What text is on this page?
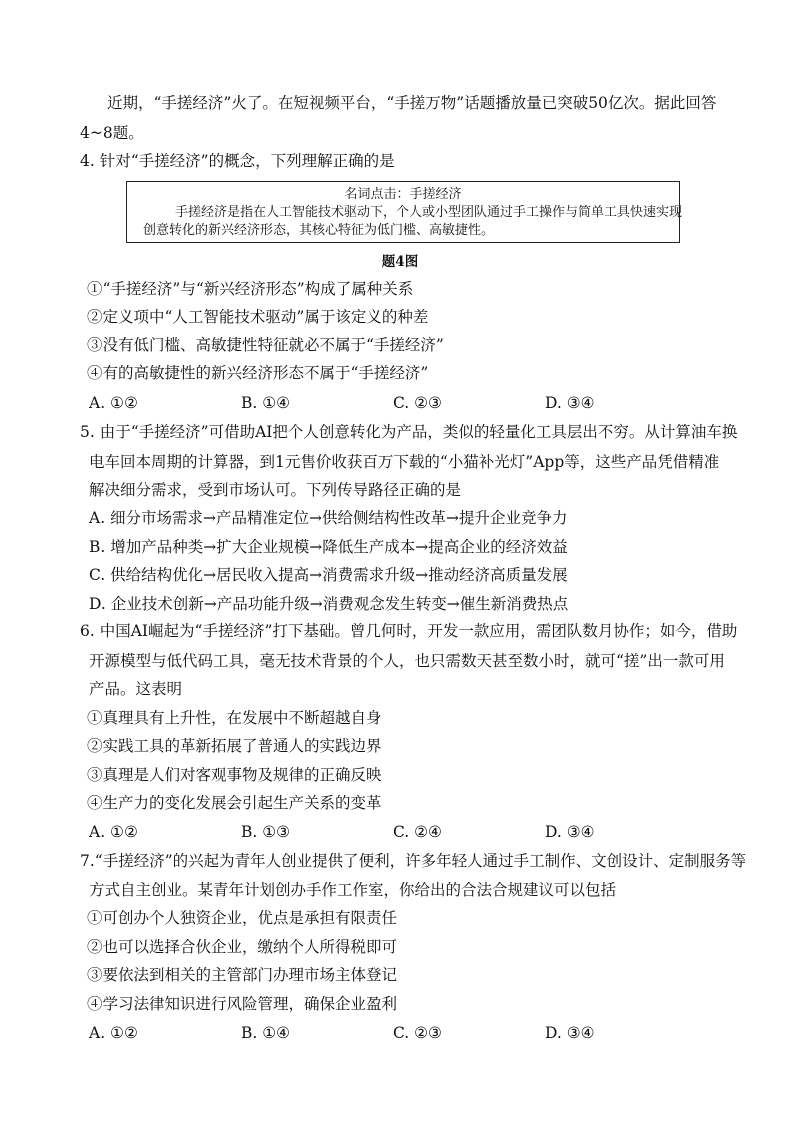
近期，“手搓经济”火了。在短视频平台，“手搓万物”话题播放量已突破50亿次。据此回答
4~8题。
4. 针对“手搓经济”的概念，下列理解正确的是
名词点击：手搓经济
手搓经济是指在人工智能技术驱动下，个人或小型团队通过手工操作与简单工具快速实现
创意转化的新兴经济形态，其核心特征为低门槛、高敏捷性。
题4图
①“手搓经济”与“新兴经济形态”构成了属种关系
②定义项中“人工智能技术驱动”属于该定义的种差
③没有低门槛、高敏捷性特征就必不属于“手搓经济”
④有的高敏捷性的新兴经济形态不属于“手搓经济”
A. ①②	B. ①④	C. ②③	D. ③④
5. 由于“手搓经济”可借助AI把个人创意转化为产品，类似的轻量化工具层出不穷。从计算油车换
电车回本周期的计算器，到1元售价收获百万下载的“小猫补光灯”App等，这些产品凭借精准
解决细分需求，受到市场认可。下列传导路径正确的是
A. 细分市场需求→产品精准定位→供给侧结构性改革→提升企业竞争力
B. 增加产品种类→扩大企业规模→降低生产成本→提高企业的经济效益
C. 供给结构优化→居民收入提高→消费需求升级→推动经济高质量发展
D. 企业技术创新→产品功能升级→消费观念发生转变→催生新消费热点
6. 中国AI崛起为“手搓经济”打下基础。曾几何时，开发一款应用，需团队数月协作；如今，借助
开源模型与低代码工具，毫无技术背景的个人，也只需数天甚至数小时，就可“搓”出一款可用
产品。这表明
①真理具有上升性，在发展中不断超越自身
②实践工具的革新拓展了普通人的实践边界
③真理是人们对客观事物及规律的正确反映
④生产力的变化发展会引起生产关系的变革
A. ①②	B. ①③	C. ②④	D. ③④
7.“手搓经济”的兴起为青年人创业提供了便利，许多年轻人通过手工制作、文创设计、定制服务等
方式自主创业。某青年计划创办手作工作室，你给出的合法合规建议可以包括
①可创办个人独资企业，优点是承担有限责任
②也可以选择合伙企业，缴纳个人所得税即可
③要依法到相关的主管部门办理市场主体登记
④学习法律知识进行风险管理，确保企业盈利
A. ①②	B. ①④	C. ②③	D. ③④
